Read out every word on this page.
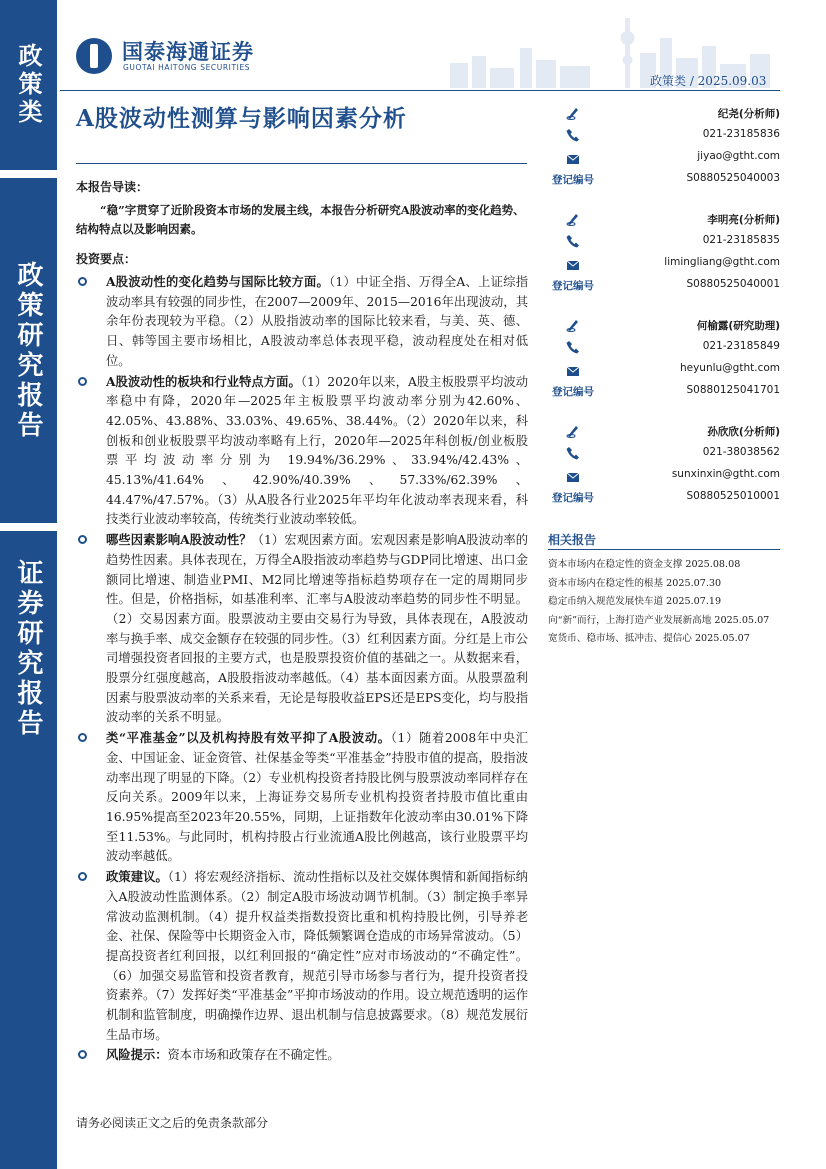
政策类
政策研究报告
证券研究报告
国泰海通证券
GUOTAI HAITONG SECURITIES
政策类 / 2025.09.03
A股波动性测算与影响因素分析
本报告导读：
“稳”字贯穿了近阶段资本市场的发展主线，本报告分析研究A股波动率的变化趋势、结构特点以及影响因素。
投资要点：
A股波动性的变化趋势与国际比较方面。（1）中证全指、万得全A、上证综指波动率具有较强的同步性，在2007—2009年、2015—2016年出现波动，其余年份表现较为平稳。（2）从股指波动率的国际比较来看，与美、英、德、日、韩等国主要市场相比，A股波动率总体表现平稳，波动程度处在相对低位。
A股波动性的板块和行业特点方面。（1）2020年以来，A股主板股票平均波动率稳中有降，2020年—2025年主板股票平均波动率分别为42.60%、42.05%、43.88%、33.03%、49.65%、38.44%。（2）2020年以来，科创板和创业板股票平均波动率略有上行，2020年—2025年科创板/创业板股票平均波动率分别为 19.94%/36.29%、33.94%/42.43%、45.13%/41.64%、42.90%/40.39%、57.33%/62.39%、44.47%/47.57%。（3）从A股各行业2025年平均年化波动率表现来看，科技类行业波动率较高，传统类行业波动率较低。
哪些因素影响A股波动性？（1）宏观因素方面。宏观因素是影响A股波动率的趋势性因素。具体表现在，万得全A股指波动率趋势与GDP同比增速、出口金额同比增速、制造业PMI、M2同比增速等指标趋势项存在一定的周期同步性。但是，价格指标，如基准利率、汇率与A股波动率趋势的同步性不明显。（2）交易因素方面。股票波动主要由交易行为导致，具体表现在，A股波动率与换手率、成交金额存在较强的同步性。（3）红利因素方面。分红是上市公司增强投资者回报的主要方式，也是股票投资价值的基础之一。从数据来看，股票分红强度越高，A股股指波动率越低。（4）基本面因素方面。从股票盈利因素与股票波动率的关系来看，无论是每股收益EPS还是EPS变化，均与股指波动率的关系不明显。
类“平准基金”以及机构持股有效平抑了A股波动。（1）随着2008年中央汇金、中国证金、证金资管、社保基金等类“平准基金”持股市值的提高，股指波动率出现了明显的下降。（2）专业机构投资者持股比例与股票波动率同样存在反向关系。2009年以来，上海证券交易所专业机构投资者持股市值比重由16.95%提高至2023年20.55%，同期，上证指数年化波动率由30.01%下降至11.53%。与此同时，机构持股占行业流通A股比例越高，该行业股票平均波动率越低。
政策建议。（1）将宏观经济指标、流动性指标以及社交媒体舆情和新闻指标纳入A股波动性监测体系。（2）制定A股市场波动调节机制。（3）制定换手率异常波动监测机制。（4）提升权益类指数投资比重和机构持股比例，引导养老金、社保、保险等中长期资金入市，降低频繁调仓造成的市场异常波动。（5）提高投资者红利回报，以红利回报的“确定性”应对市场波动的“不确定性”。（6）加强交易监管和投资者教育，规范引导市场参与者行为，提升投资者投资素养。（7）发挥好类“平准基金”平抑市场波动的作用。设立规范透明的运作机制和监管制度，明确操作边界、退出机制与信息披露要求。（8）规范发展衍生品市场。
风险提示：资本市场和政策存在不确定性。
纪尧(分析师)
021-23185836
jiyao@gtht.com
登记编号	S0880525040003
李明亮(分析师)
021-23185835
limingliang@gtht.com
登记编号	S0880525040001
何榆露(研究助理)
021-23185849
heyunlu@gtht.com
登记编号	S0880125041701
孙欣欣(分析师)
021-38038562
sunxinxin@gtht.com
登记编号	S0880525010001
相关报告
资本市场内在稳定性的资金支撑 2025.08.08
资本市场内在稳定性的根基 2025.07.30
稳定币纳入规范发展快车道 2025.07.19
向“新”而行，上海打造产业发展新高地 2025.05.07
宽货币、稳市场、抵冲击、提信心 2025.05.07
请务必阅读正文之后的免责条款部分
